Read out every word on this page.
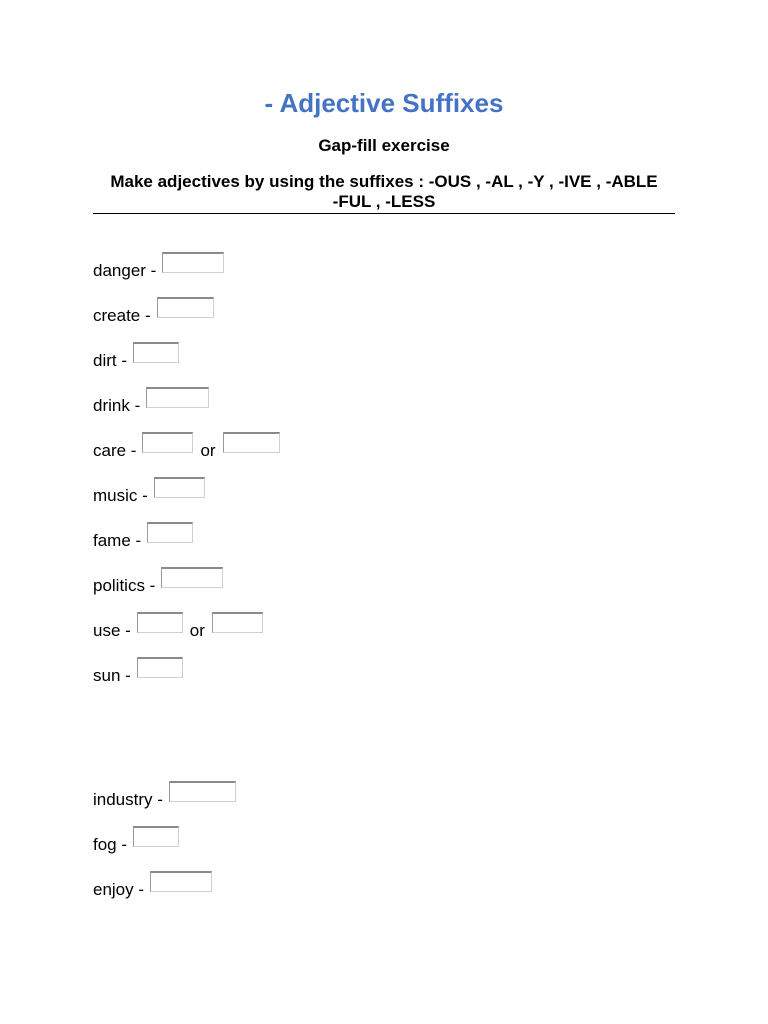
- Adjective Suffixes
Gap-fill exercise
Make adjectives by using the suffixes : -OUS , -AL , -Y , -IVE , -ABLE
-FUL , -LESS
danger -
create -
dirt -
drink -
care -	or
music -
fame -
politics -
use -	or
sun -
industry -
fog -
enjoy -
